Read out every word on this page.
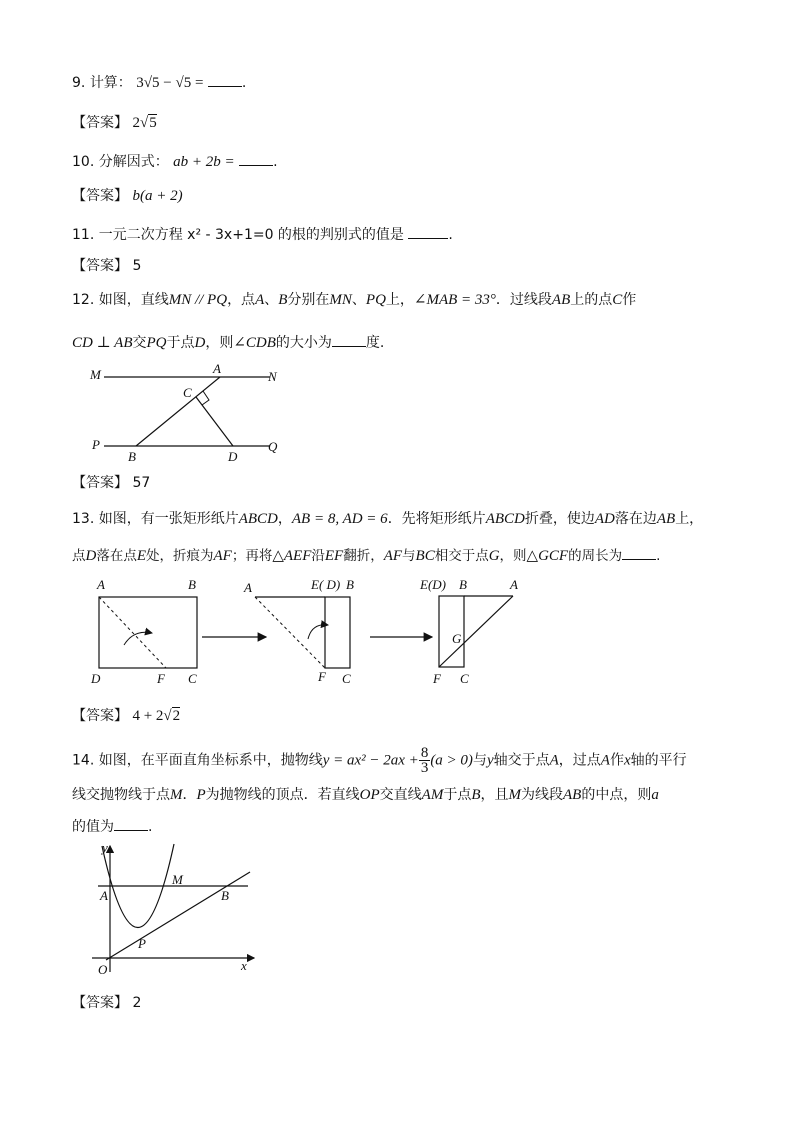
9. 计算： 3√5 − √5 =	.
【答案】 2√5
10. 分解因式： ab + 2b =	.
【答案】 b(a + 2)
11. 一元二次方程 x² - 3x+1=0 的根的判别式的值是	.
【答案】 5
12. 如图，直线MN // PQ，点A、B分别在MN、PQ上，∠MAB = 33°．过线段AB上的点C作
CD ⊥ AB交PQ于点D，则∠CDB的大小为 度.
M	A
N
C
P
B	D
Q
【答案】 57
13. 如图，有一张矩形纸片ABCD，AB = 8, AD = 6．先将矩形纸片ABCD折叠，使边AD落在边AB上，
点D落在点E处，折痕为AF；再将△AEF沿EF翻折，AF与BC相交于点G，则△GCF的周长为	.
A	B
D	F C
A	E( D) B
F C
E(D) B	A
G
F C
【答案】 4 + 2√2
14. 如图，在平面直角坐标系中，抛物线$y = ax^2 - 2ax + \frac{8}{3} (a > 0)$与y轴交于点A，过点A作x轴的平行
线交抛物线于点M．P为抛物线的顶点．若直线OP交直线AM于点B，且M为线段AB的中点，则a
的值为 .
y
x
O
A
M
B
P
【答案】 2
